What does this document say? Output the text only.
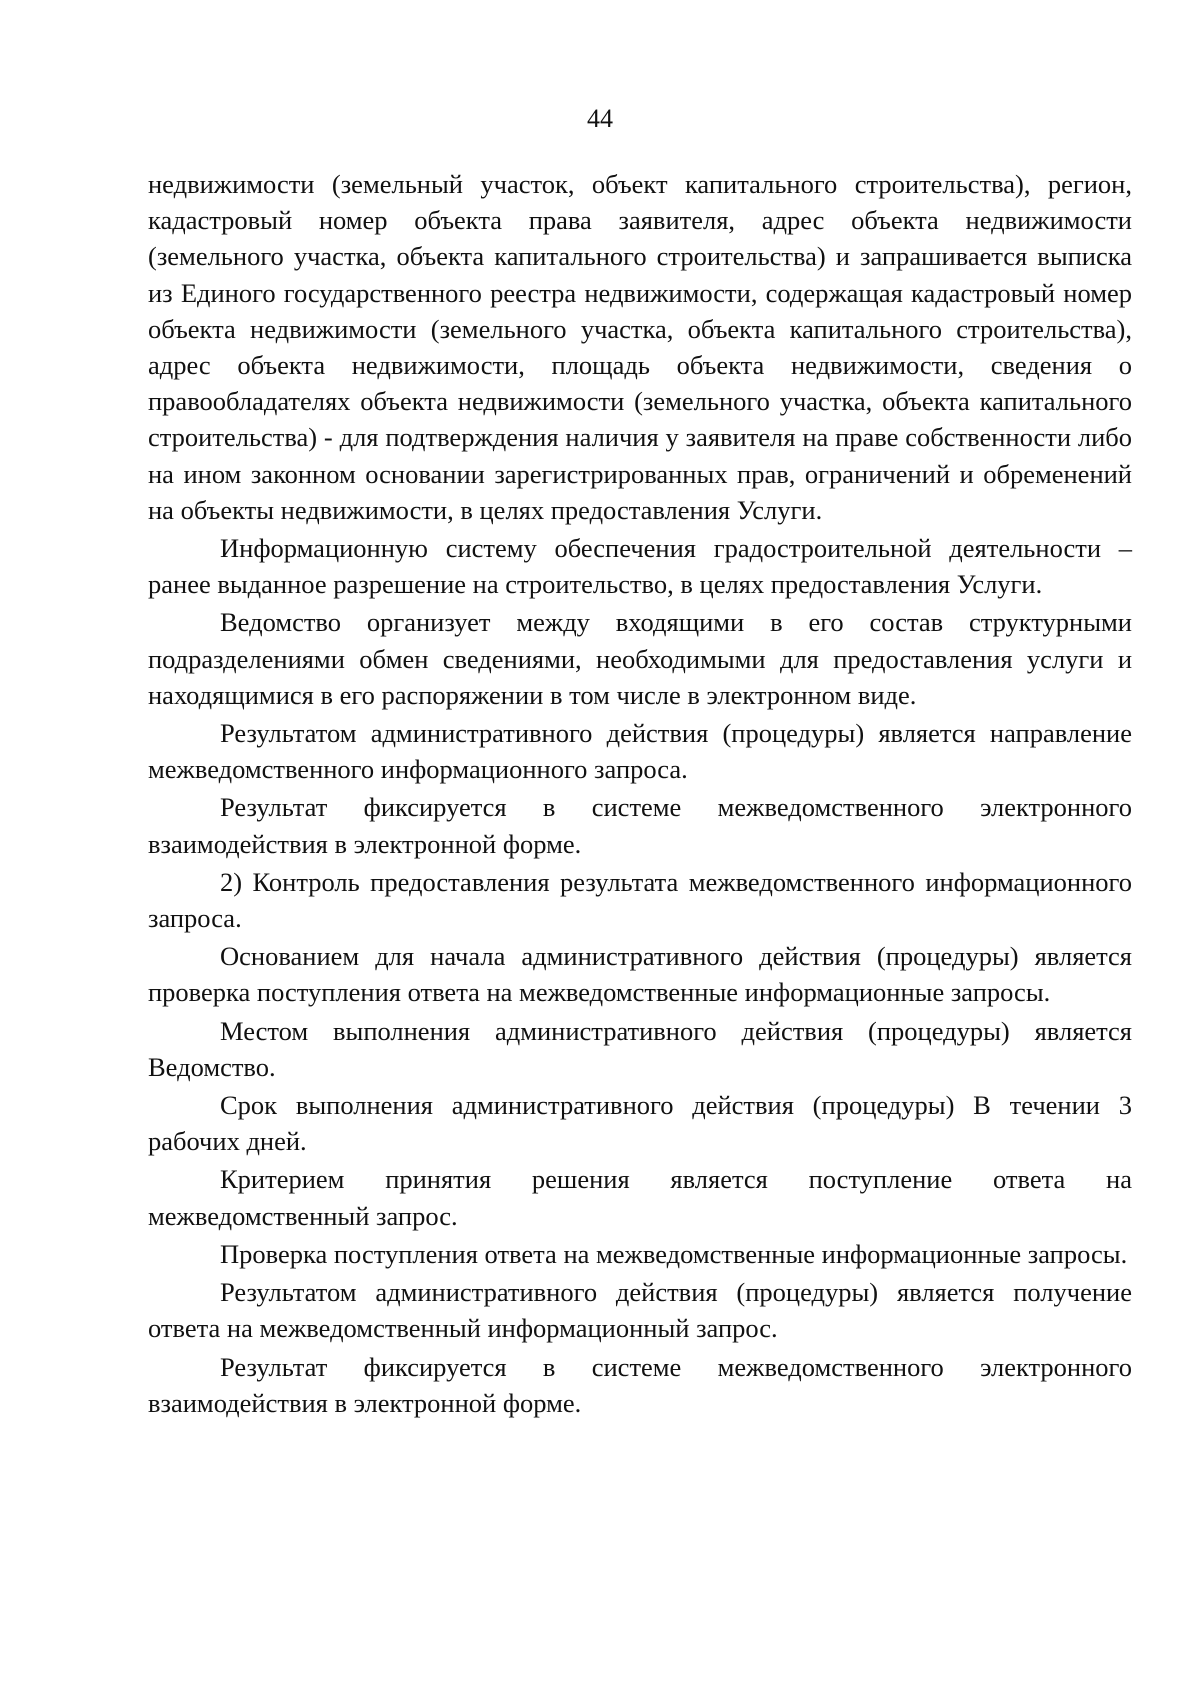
44

недвижимости (земельный участок, объект капитального строительства), регион, кадастровый номер объекта права заявителя, адрес объекта недвижимости (земельного участка, объекта капитального строительства) и запрашивается выписка из Единого государственного реестра недвижимости, содержащая кадастровый номер объекта недвижимости (земельного участка, объекта капитального строительства), адрес объекта недвижимости, площадь объекта недвижимости, сведения о правообладателях объекта недвижимости (земельного участка, объекта капитального строительства) - для подтверждения наличия у заявителя на праве собственности либо на ином законном основании зарегистрированных прав, ограничений и обременений на объекты недвижимости, в целях предоставления Услуги.

Информационную систему обеспечения градостроительной деятельности – ранее выданное разрешение на строительство, в целях предоставления Услуги.

Ведомство организует между входящими в его состав структурными подразделениями обмен сведениями, необходимыми для предоставления услуги и находящимися в его распоряжении в том числе в электронном виде.

Результатом административного действия (процедуры) является направление межведомственного информационного запроса.

Результат фиксируется в системе межведомственного электронного взаимодействия в электронной форме.

2) Контроль предоставления результата межведомственного информационного запроса.

Основанием для начала административного действия (процедуры) является проверка поступления ответа на межведомственные информационные запросы.

Местом выполнения административного действия (процедуры) является Ведомство.

Срок выполнения административного действия (процедуры) В течении 3 рабочих дней.

Критерием принятия решения является поступление ответа на межведомственный запрос.

Проверка поступления ответа на межведомственные информационные запросы.

Результатом административного действия (процедуры) является получение ответа на межведомственный информационный запрос.

Результат фиксируется в системе межведомственного электронного взаимодействия в электронной форме.
